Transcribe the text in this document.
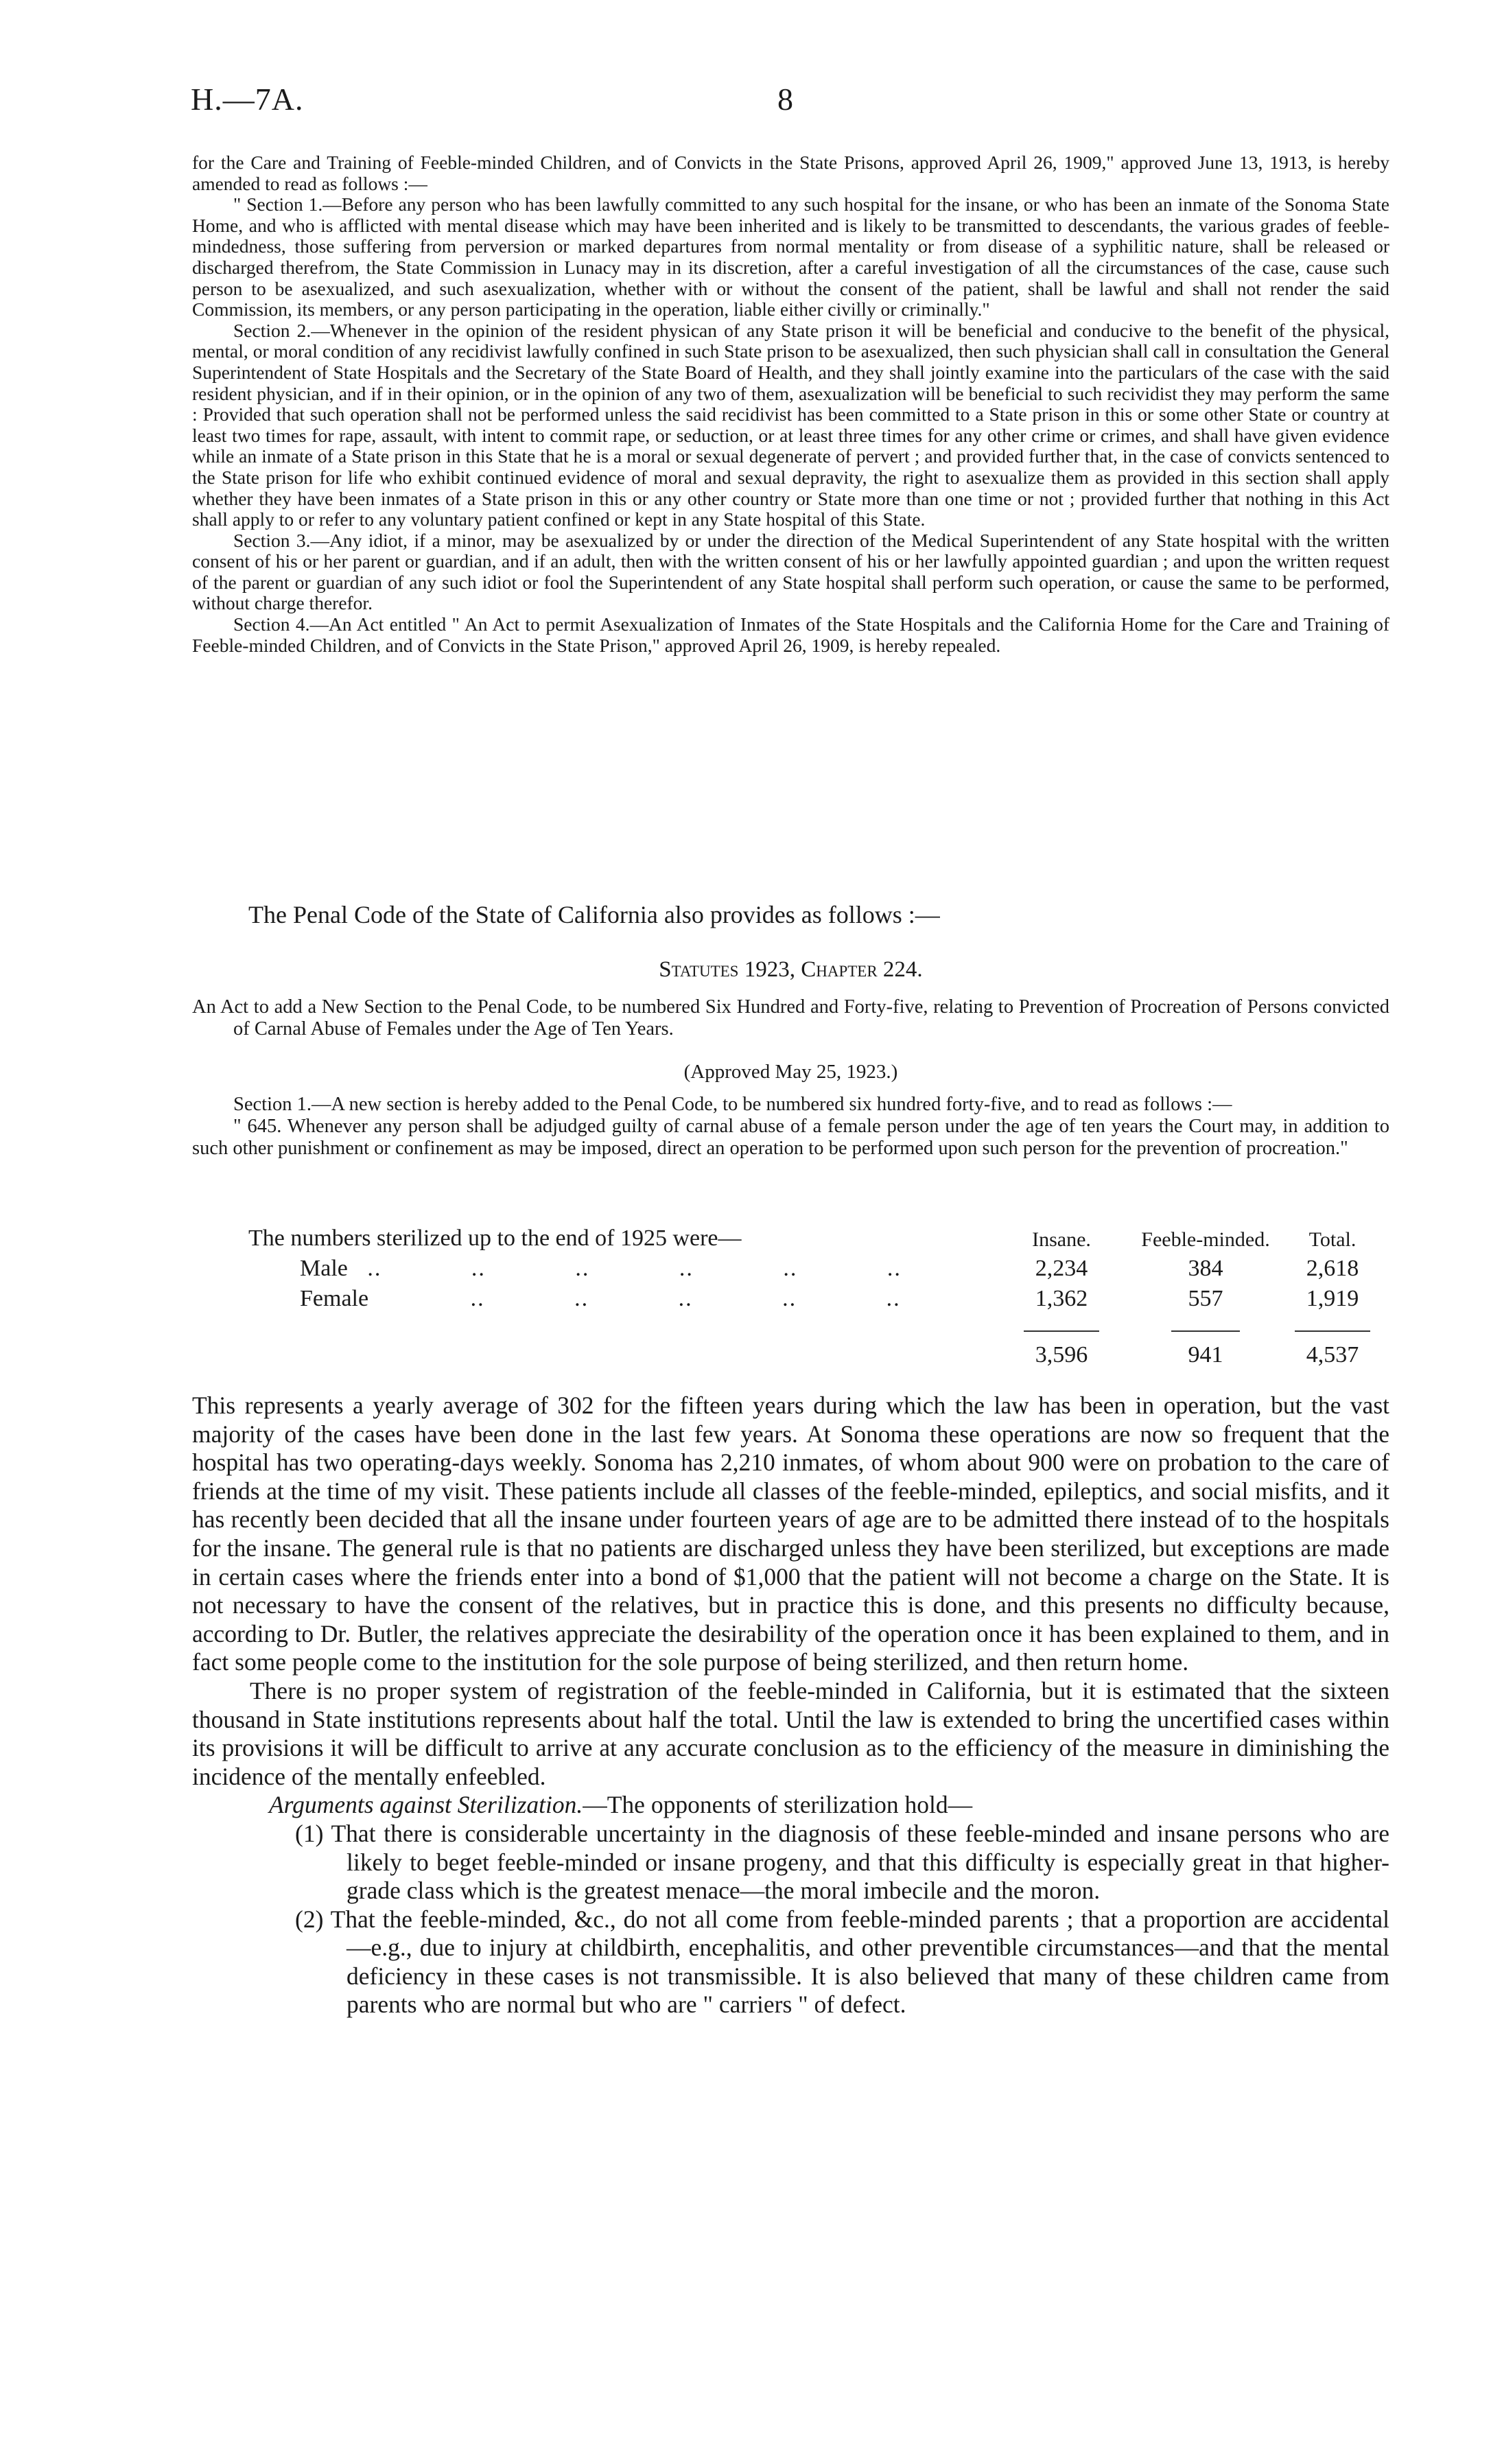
H.—7A.	8

for the Care and Training of Feeble-minded Children, and of Convicts in the State Prisons, approved April 26, 1909," approved June 13, 1913, is hereby amended to read as follows :—

" Section 1.—Before any person who has been lawfully committed to any such hospital for the insane, or who has been an inmate of the Sonoma State Home, and who is afflicted with mental disease which may have been inherited and is likely to be transmitted to descendants, the various grades of feeble-mindedness, those suffering from perversion or marked departures from normal mentality or from disease of a syphilitic nature, shall be released or discharged therefrom, the State Commission in Lunacy may in its discretion, after a careful investigation of all the circumstances of the case, cause such person to be asexualized, and such asexualization, whether with or without the consent of the patient, shall be lawful and shall not render the said Commission, its members, or any person participating in the operation, liable either civilly or criminally."

Section 2.—Whenever in the opinion of the resident physican of any State prison it will be beneficial and conducive to the benefit of the physical, mental, or moral condition of any recidivist lawfully confined in such State prison to be asexualized, then such physician shall call in consultation the General Superintendent of State Hospitals and the Secretary of the State Board of Health, and they shall jointly examine into the particulars of the case with the said resident physician, and if in their opinion, or in the opinion of any two of them, asexualization will be beneficial to such recividist they may perform the same : Provided that such operation shall not be performed unless the said recidivist has been committed to a State prison in this or some other State or country at least two times for rape, assault, with intent to commit rape, or seduction, or at least three times for any other crime or crimes, and shall have given evidence while an inmate of a State prison in this State that he is a moral or sexual degenerate of pervert ; and provided further that, in the case of convicts sentenced to the State prison for life who exhibit continued evidence of moral and sexual depravity, the right to asexualize them as provided in this section shall apply whether they have been inmates of a State prison in this or any other country or State more than one time or not ; provided further that nothing in this Act shall apply to or refer to any voluntary patient confined or kept in any State hospital of this State.

Section 3.—Any idiot, if a minor, may be asexualized by or under the direction of the Medical Superintendent of any State hospital with the written consent of his or her parent or guardian, and if an adult, then with the written consent of his or her lawfully appointed guardian ; and upon the written request of the parent or guardian of any such idiot or fool the Superintendent of any State hospital shall perform such operation, or cause the same to be performed, without charge therefor.

Section 4.—An Act entitled " An Act to permit Asexualization of Inmates of the State Hospitals and the California Home for the Care and Training of Feeble-minded Children, and of Convicts in the State Prison," approved April 26, 1909, is hereby repealed.

The Penal Code of the State of California also provides as follows :—
Statutes 1923, Chapter 224.

An Act to add a New Section to the Penal Code, to be numbered Six Hundred and Forty-five, relating to Prevention of Procreation of Persons convicted of Carnal Abuse of Females under the Age of Ten Years.

(Approved May 25, 1923.)

Section 1.—A new section is hereby added to the Penal Code, to be numbered six hundred forty-five, and to read as follows :—

" 645. Whenever any person shall be adjudged guilty of carnal abuse of a female person under the age of ten years the Court may, in addition to such other punishment or confinement as may be imposed, direct an operation to be performed upon such person for the prevention of procreation."

The numbers sterilized up to the end of 1925 were—	Insane.	Feeble-minded.	Total.
Male .. .. .. .. .. ..	2,234	384	2,618
Female .. .. .. .. ..	1,362	557	1,919

	3,596	941	4,537

This represents a yearly average of 302 for the fifteen years during which the law has been in operation, but the vast majority of the cases have been done in the last few years. At Sonoma these operations are now so frequent that the hospital has two operating-days weekly. Sonoma has 2,210 inmates, of whom about 900 were on probation to the care of friends at the time of my visit. These patients include all classes of the feeble-minded, epileptics, and social misfits, and it has recently been decided that all the insane under fourteen years of age are to be admitted there instead of to the hospitals for the insane. The general rule is that no patients are discharged unless they have been sterilized, but exceptions are made in certain cases where the friends enter into a bond of $1,000 that the patient will not become a charge on the State. It is not necessary to have the consent of the relatives, but in practice this is done, and this presents no difficulty because, according to Dr. Butler, the relatives appreciate the desirability of the operation once it has been explained to them, and in fact some people come to the institution for the sole purpose of being sterilized, and then return home.

There is no proper system of registration of the feeble-minded in California, but it is estimated that the sixteen thousand in State institutions represents about half the total. Until the law is extended to bring the uncertified cases within its provisions it will be difficult to arrive at any accurate conclusion as to the efficiency of the measure in diminishing the incidence of the mentally enfeebled.

Arguments against Sterilization.—The opponents of sterilization hold—

(1) That there is considerable uncertainty in the diagnosis of these feeble-minded and insane persons who are likely to beget feeble-minded or insane progeny, and that this difficulty is especially great in that higher-grade class which is the greatest menace—the moral imbecile and the moron.

(2) That the feeble-minded, &c., do not all come from feeble-minded parents ; that a proportion are accidental—e.g., due to injury at childbirth, encephalitis, and other preventible circumstances—and that the mental deficiency in these cases is not transmissible. It is also believed that many of these children came from parents who are normal but who are " carriers " of defect.
